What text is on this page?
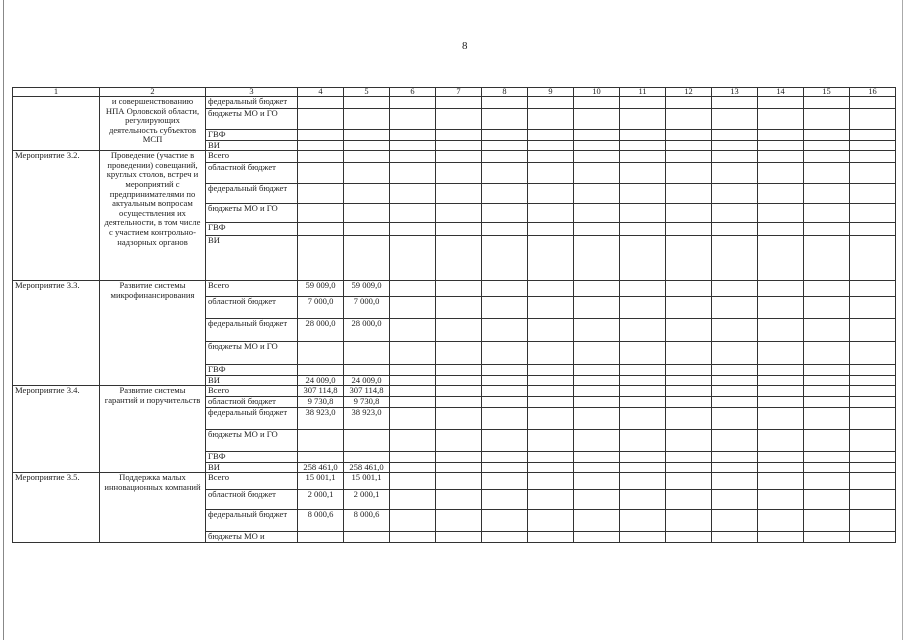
8
1	2	3	4	5	6	7	8	9	10	11	12	13	14	15	16
	и совершенствованию НПА Орловской области, регулирующих деятельность субъектов МСП	федеральный бюджет													
		бюджеты МО и ГО													
		ГВФ													
		ВИ													
Мероприятие 3.2.	Проведение (участие в проведении) совещаний, круглых столов, встреч и мероприятий с предпринимателями по актуальным вопросам осуществления их деятельности, в том числе с участием контрольно-надзорных органов	Всего													
		областной бюджет													
		федеральный бюджет													
		бюджеты МО и ГО													
		ГВФ													
		ВИ													
Мероприятие 3.3.	Развитие системы микрофинансирования	Всего	59 009,0	59 009,0											
		областной бюджет	7 000,0	7 000,0											
		федеральный бюджет	28 000,0	28 000,0											
		бюджеты МО и ГО													
		ГВФ													
		ВИ	24 009,0	24 009,0											
Мероприятие 3.4.	Развитие системы гарантий и поручительств	Всего	307 114,8	307 114,8											
		областной бюджет	9 730,8	9 730,8											
		федеральный бюджет	38 923,0	38 923,0											
		бюджеты МО и ГО													
		ГВФ													
		ВИ	258 461,0	258 461,0											
Мероприятие 3.5.	Поддержка малых инновационных компаний	Всего	15 001,1	15 001,1											
		областной бюджет	2 000,1	2 000,1											
		федеральный бюджет	8 000,6	8 000,6											
		бюджеты МО и													
